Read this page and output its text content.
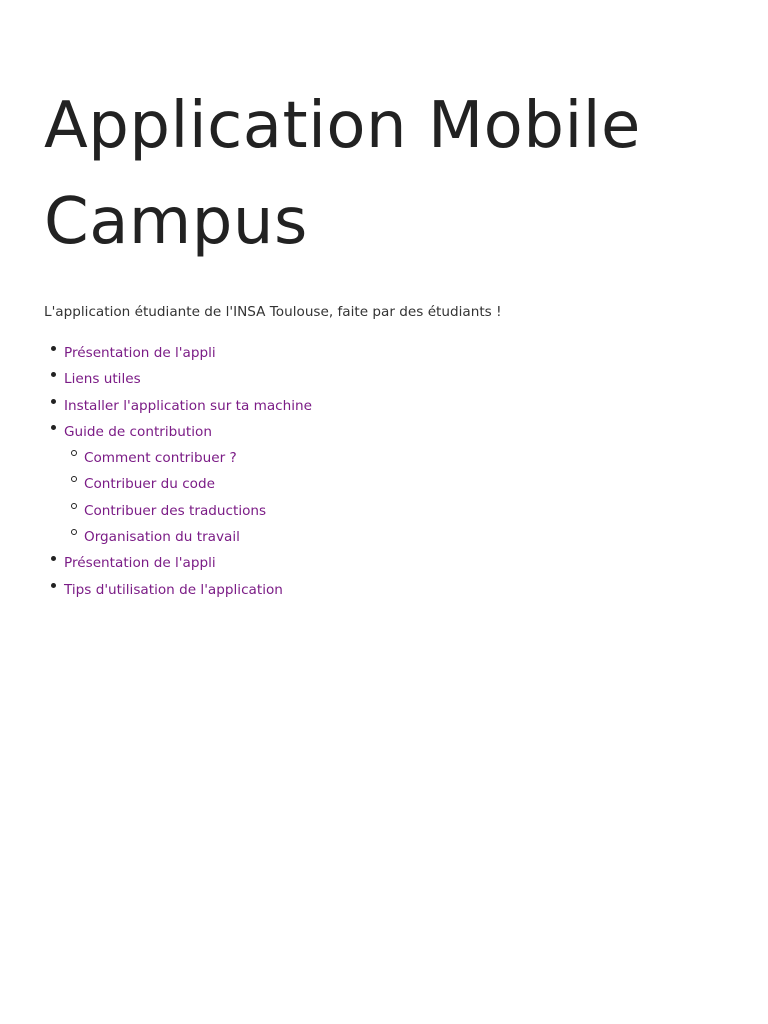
Application Mobile
Campus

L'application étudiante de l'INSA Toulouse, faite par des étudiants !

Présentation de l'appli
Liens utiles
Installer l'application sur ta machine
Guide de contribution
Comment contribuer ?
Contribuer du code
Contribuer des traductions
Organisation du travail
Présentation de l'appli
Tips d'utilisation de l'application
